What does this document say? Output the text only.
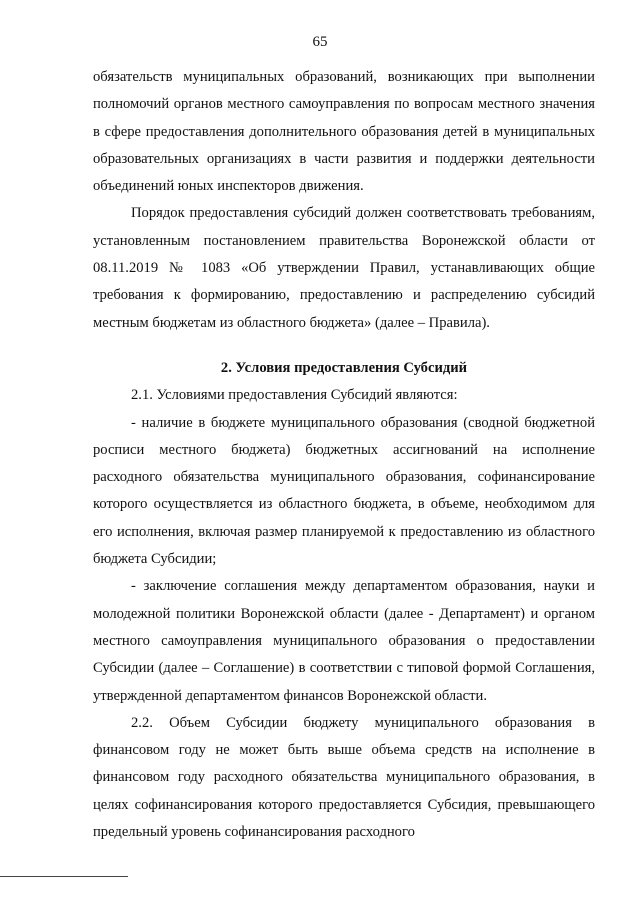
65

обязательств муниципальных образований, возникающих при выполнении полномочий органов местного самоуправления по вопросам местного значения в сфере предоставления дополнительного образования детей в муниципальных образовательных организациях в части развития и поддержки деятельности объединений юных инспекторов движения.

Порядок предоставления субсидий должен соответствовать требованиям, установленным постановлением правительства Воронежской области от 08.11.2019 № 1083 «Об утверждении Правил, устанавливающих общие требования к формированию, предоставлению и распределению субсидий местным бюджетам из областного бюджета» (далее – Правила).

2. Условия предоставления Субсидий

2.1. Условиями предоставления Субсидий являются:

- наличие в бюджете муниципального образования (сводной бюджетной росписи местного бюджета) бюджетных ассигнований на исполнение расходного обязательства муниципального образования, софинансирование которого осуществляется из областного бюджета, в объеме, необходимом для его исполнения, включая размер планируемой к предоставлению из областного бюджета Субсидии;

- заключение соглашения между департаментом образования, науки и молодежной политики Воронежской области (далее - Департамент) и органом местного самоуправления муниципального образования о предоставлении Субсидии (далее – Соглашение) в соответствии с типовой формой Соглашения, утвержденной департаментом финансов Воронежской области.

2.2. Объем Субсидии бюджету муниципального образования в финансовом году не может быть выше объема средств на исполнение в финансовом году расходного обязательства муниципального образования, в целях софинансирования которого предоставляется Субсидия, превышающего предельный уровень софинансирования расходного
